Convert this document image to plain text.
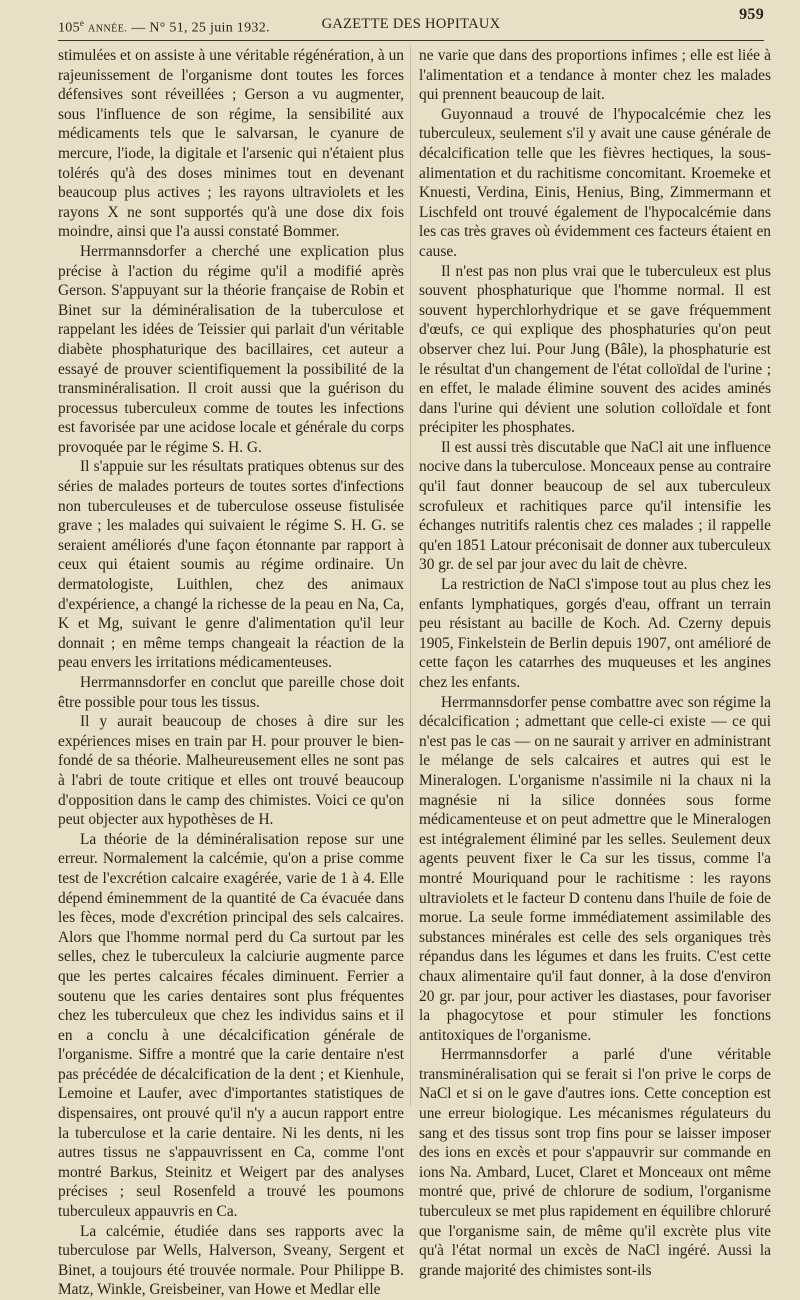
105e ANNÉE. — N° 51, 25 juin 1932.	GAZETTE DES HOPITAUX
959

stimulées et on assiste à une véritable régénération, à un rajeunissement de l'organisme dont toutes les forces défensives sont réveillées ; Gerson a vu augmenter, sous l'influence de son régime, la sensibilité aux médicaments tels que le salvarsan, le cyanure de mercure, l'iode, la digitale et l'arsenic qui n'étaient plus tolérés qu'à des doses minimes tout en devenant beaucoup plus actives ; les rayons ultraviolets et les rayons X ne sont supportés qu'à une dose dix fois moindre, ainsi que l'a aussi constaté Bommer.

Herrmannsdorfer a cherché une explication plus précise à l'action du régime qu'il a modifié après Gerson. S'appuyant sur la théorie française de Robin et Binet sur la déminéralisation de la tuberculose et rappelant les idées de Teissier qui parlait d'un véritable diabète phosphaturique des bacillaires, cet auteur a essayé de prouver scientifiquement la possibilité de la transminéralisation. Il croit aussi que la guérison du processus tuberculeux comme de toutes les infections est favorisée par une acidose locale et générale du corps provoquée par le régime S. H. G.

Il s'appuie sur les résultats pratiques obtenus sur des séries de malades porteurs de toutes sortes d'infections non tuberculeuses et de tuberculose osseuse fistulisée grave ; les malades qui suivaient le régime S. H. G. se seraient améliorés d'une façon étonnante par rapport à ceux qui étaient soumis au régime ordinaire. Un dermatologiste, Luithlen, chez des animaux d'expérience, a changé la richesse de la peau en Na, Ca, K et Mg, suivant le genre d'alimentation qu'il leur donnait ; en même temps changeait la réaction de la peau envers les irritations médicamenteuses.

Herrmannsdorfer en conclut que pareille chose doit être possible pour tous les tissus.

Il y aurait beaucoup de choses à dire sur les expériences mises en train par H. pour prouver le bien-fondé de sa théorie. Malheureusement elles ne sont pas à l'abri de toute critique et elles ont trouvé beaucoup d'opposition dans le camp des chimistes. Voici ce qu'on peut objecter aux hypothèses de H.

La théorie de la déminéralisation repose sur une erreur. Normalement la calcémie, qu'on a prise comme test de l'excrétion calcaire exagérée, varie de 1 à 4. Elle dépend éminemment de la quantité de Ca évacuée dans les fèces, mode d'excrétion principal des sels calcaires. Alors que l'homme normal perd du Ca surtout par les selles, chez le tuberculeux la calciurie augmente parce que les pertes calcaires fécales diminuent. Ferrier a soutenu que les caries dentaires sont plus fréquentes chez les tuberculeux que chez les individus sains et il en a conclu à une décalcification générale de l'organisme. Siffre a montré que la carie dentaire n'est pas précédée de décalcification de la dent ; et Kienhule, Lemoine et Laufer, avec d'importantes statistiques de dispensaires, ont prouvé qu'il n'y a aucun rapport entre la tuberculose et la carie dentaire. Ni les dents, ni les autres tissus ne s'appauvrissent en Ca, comme l'ont montré Barkus, Steinitz et Weigert par des analyses précises ; seul Rosenfeld a trouvé les poumons tuberculeux appauvris en Ca.

La calcémie, étudiée dans ses rapports avec la tuberculose par Wells, Halverson, Sveany, Sergent et Binet, a toujours été trouvée normale. Pour Philippe B. Matz, Winkle, Greisbeiner, van Howe et Medlar elle

ne varie que dans des proportions infimes ; elle est liée à l'alimentation et a tendance à monter chez les malades qui prennent beaucoup de lait.

Guyonnaud a trouvé de l'hypocalcémie chez les tuberculeux, seulement s'il y avait une cause générale de décalcification telle que les fièvres hectiques, la sous-alimentation et du rachitisme concomitant. Kroemeke et Knuesti, Verdina, Einis, Henius, Bing, Zimmermann et Lischfeld ont trouvé également de l'hypocalcémie dans les cas très graves où évidemment ces facteurs étaient en cause.

Il n'est pas non plus vrai que le tuberculeux est plus souvent phosphaturique que l'homme normal. Il est souvent hyperchlorhydrique et se gave fréquemment d'œufs, ce qui explique des phosphaturies qu'on peut observer chez lui. Pour Jung (Bâle), la phosphaturie est le résultat d'un changement de l'état colloïdal de l'urine ; en effet, le malade élimine souvent des acides aminés dans l'urine qui dévient une solution colloïdale et font précipiter les phosphates.

Il est aussi très discutable que NaCl ait une influence nocive dans la tuberculose. Monceaux pense au contraire qu'il faut donner beaucoup de sel aux tuberculeux scrofuleux et rachitiques parce qu'il intensifie les échanges nutritifs ralentis chez ces malades ; il rappelle qu'en 1851 Latour préconisait de donner aux tuberculeux 30 gr. de sel par jour avec du lait de chèvre.

La restriction de NaCl s'impose tout au plus chez les enfants lymphatiques, gorgés d'eau, offrant un terrain peu résistant au bacille de Koch. Ad. Czerny depuis 1905, Finkelstein de Berlin depuis 1907, ont amélioré de cette façon les catarrhes des muqueuses et les angines chez les enfants.

Herrmannsdorfer pense combattre avec son régime la décalcification ; admettant que celle-ci existe — ce qui n'est pas le cas — on ne saurait y arriver en administrant le mélange de sels calcaires et autres qui est le Mineralogen. L'organisme n'assimile ni la chaux ni la magnésie ni la silice données sous forme médicamenteuse et on peut admettre que le Mineralogen est intégralement éliminé par les selles. Seulement deux agents peuvent fixer le Ca sur les tissus, comme l'a montré Mouriquand pour le rachitisme : les rayons ultraviolets et le facteur D contenu dans l'huile de foie de morue. La seule forme immédiatement assimilable des substances minérales est celle des sels organiques très répandus dans les légumes et dans les fruits. C'est cette chaux alimentaire qu'il faut donner, à la dose d'environ 20 gr. par jour, pour activer les diastases, pour favoriser la phagocytose et pour stimuler les fonctions antitoxiques de l'organisme.

Herrmannsdorfer a parlé d'une véritable transminéralisation qui se ferait si l'on prive le corps de NaCl et si on le gave d'autres ions. Cette conception est une erreur biologique. Les mécanismes régulateurs du sang et des tissus sont trop fins pour se laisser imposer des ions en excès et pour s'appauvrir sur commande en ions Na. Ambard, Lucet, Claret et Monceaux ont même montré que, privé de chlorure de sodium, l'organisme tuberculeux se met plus rapidement en équilibre chloruré que l'organisme sain, de même qu'il excrète plus vite qu'à l'état normal un excès de NaCl ingéré. Aussi la grande majorité des chimistes sont-ils
